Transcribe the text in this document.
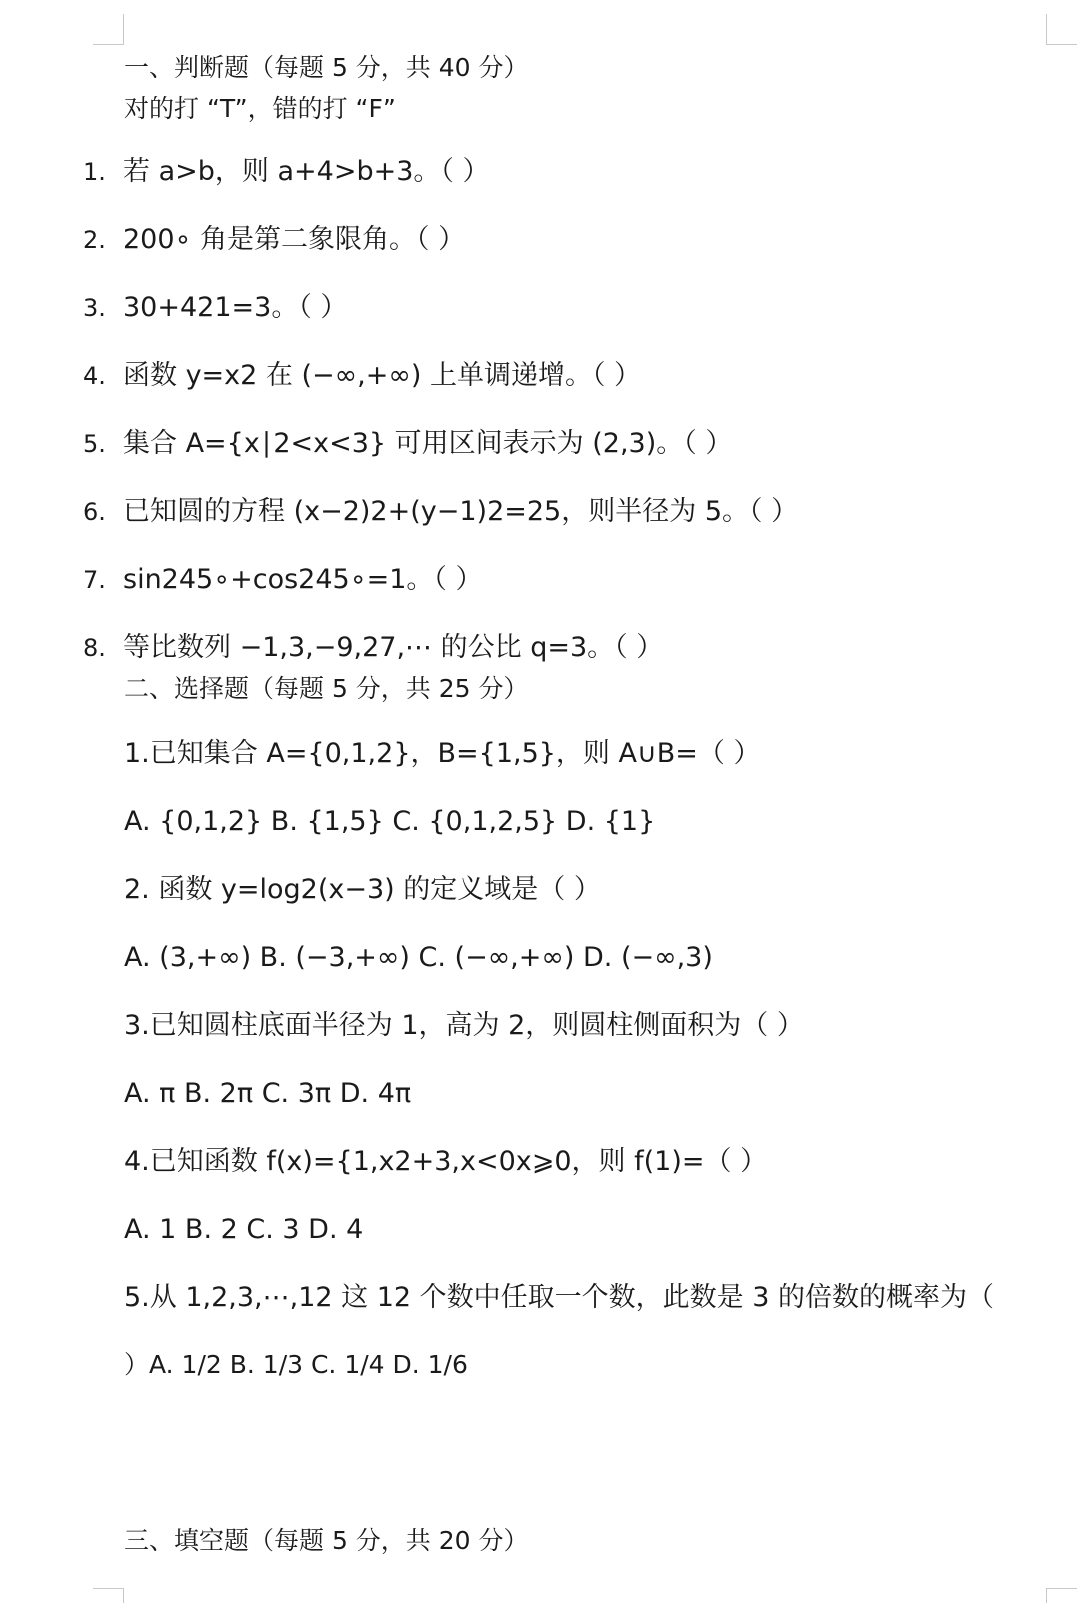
一、判断题（每题 5 分，共 40 分）
对的打 “T”，错的打 “F”
1. 若 a>b，则 a+4>b+3。（ ）
2. 200∘ 角是第二象限角。（ ）
3. 30+421=3。（ ）
4. 函数 y=x2 在 (−∞,+∞) 上单调递增。（ ）
5. 集合 A={x∣2<x<3} 可用区间表示为 (2,3)。（ ）
6. 已知圆的方程 (x−2)2+(y−1)2=25，则半径为 5。（ ）
7. sin245∘+cos245∘=1。（ ）
8. 等比数列 −1,3,−9,27,⋯ 的公比 q=3。（ ）
二、选择题（每题 5 分，共 25 分）
1.已知集合 A={0,1,2}，B={1,5}，则 A∪B=（ ）
A. {0,1,2} B. {1,5} C. {0,1,2,5} D. {1}
2. 函数 y=log2(x−3) 的定义域是（ ）
A. (3,+∞) B. (−3,+∞) C. (−∞,+∞) D. (−∞,3)
3.已知圆柱底面半径为 1，高为 2，则圆柱侧面积为（ ）
A. π B. 2π C. 3π D. 4π
4.已知函数 f(x)={1,x2+3,x<0x⩾0，则 f(1)=（ ）
A. 1 B. 2 C. 3 D. 4
5.从 1,2,3,⋯,12 这 12 个数中任取一个数，此数是 3 的倍数的概率为（
）A. 1/2 B. 1/3 C. 1/4 D. 1/6
三、填空题（每题 5 分，共 20 分）
